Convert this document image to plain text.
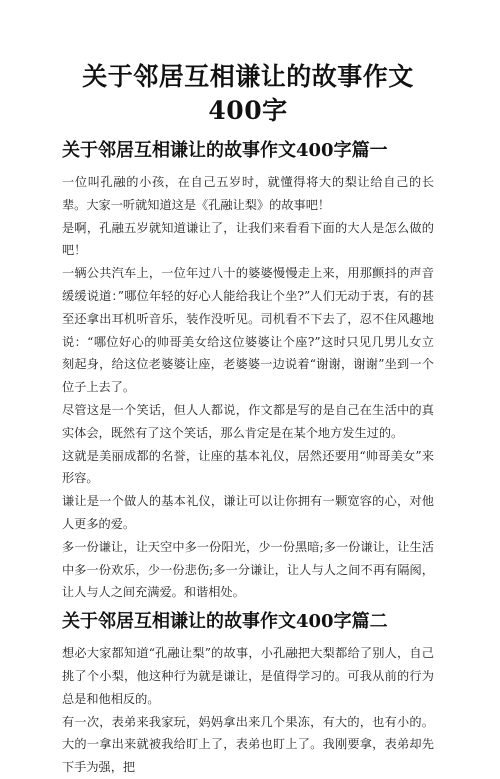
关于邻居互相谦让的故事作文400字
关于邻居互相谦让的故事作文400字篇一

一位叫孔融的小孩，在自己五岁时，就懂得将大的梨让给自己的长辈。大家一听就知道这是《孔融让梨》的故事吧！

是啊，孔融五岁就知道谦让了，让我们来看看下面的大人是怎么做的吧！

一辆公共汽车上，一位年过八十的婆婆慢慢走上来，用那颤抖的声音缓缓说道：”哪位年轻的好心人能给我让个坐?”人们无动于衷，有的甚至还拿出耳机听音乐，装作没听见。司机看不下去了，忍不住风趣地说：“哪位好心的帅哥美女给这位婆婆让个座?”这时只见几男儿女立刻起身，给这位老婆婆让座，老婆婆一边说着“谢谢，谢谢”坐到一个位子上去了。

尽管这是一个笑话，但人人都说，作文都是写的是自己在生活中的真实体会，既然有了这个笑话，那么肯定是在某个地方发生过的。

这就是美丽成都的名誉，让座的基本礼仪，居然还要用“帅哥美女”来形容。

谦让是一个做人的基本礼仪，谦让可以让你拥有一颗宽容的心，对他人更多的爱。

多一份谦让，让天空中多一份阳光，少一份黑暗;多一份谦让，让生活中多一份欢乐，少一份悲伤;多一分谦让，让人与人之间不再有隔阂，让人与人之间充满爱。和谐相处。

关于邻居互相谦让的故事作文400字篇二

想必大家都知道“孔融让梨”的故事，小孔融把大梨都给了别人，自己挑了个小梨，他这种行为就是谦让，是值得学习的。可我从前的行为总是和他相反的。

有一次，表弟来我家玩，妈妈拿出来几个果冻，有大的，也有小的。大的一拿出来就被我给盯上了，表弟也盯上了。我刚要拿，表弟却先下手为强，把
